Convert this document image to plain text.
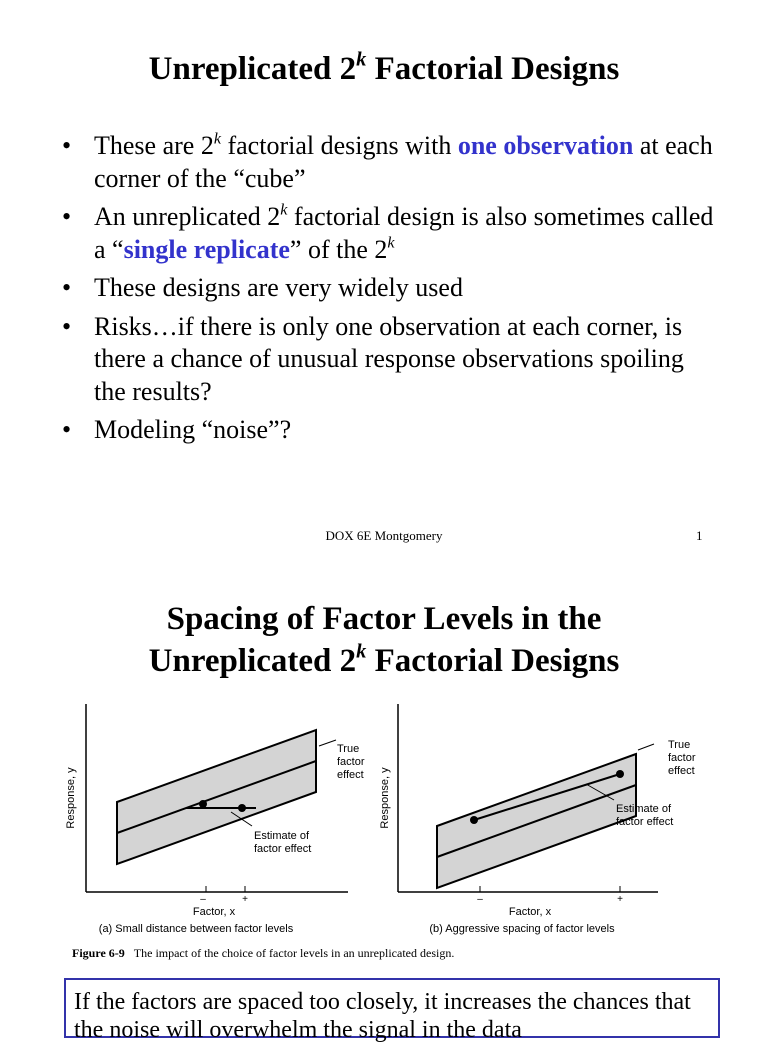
Unreplicated 2$^k$ Factorial Designs
• These are 2$^k$ factorial designs with one observation at each corner of the “cube”
• An unreplicated 2$^k$ factorial design is also sometimes called a “single replicate” of the 2$^k$
• These designs are very widely used
• Risks…if there is only one observation at each corner, is there a chance of unusual response observations spoiling the results?
• Modeling “noise”?
DOX 6E Montgomery	1
Spacing of Factor Levels in the
Unreplicated 2$^k$ Factorial Designs
True factor effect
Estimate of factor effect
Response, y
–	+
Factor, x
(a) Small distance between factor levels
True factor effect
Estimate of factor effect
Response, y
–	+
Factor, x
(b) Aggressive spacing of factor levels
Figure 6-9 The impact of the choice of factor levels in an unreplicated design.
If the factors are spaced too closely, it increases the chances that the noise will overwhelm the signal in the data
